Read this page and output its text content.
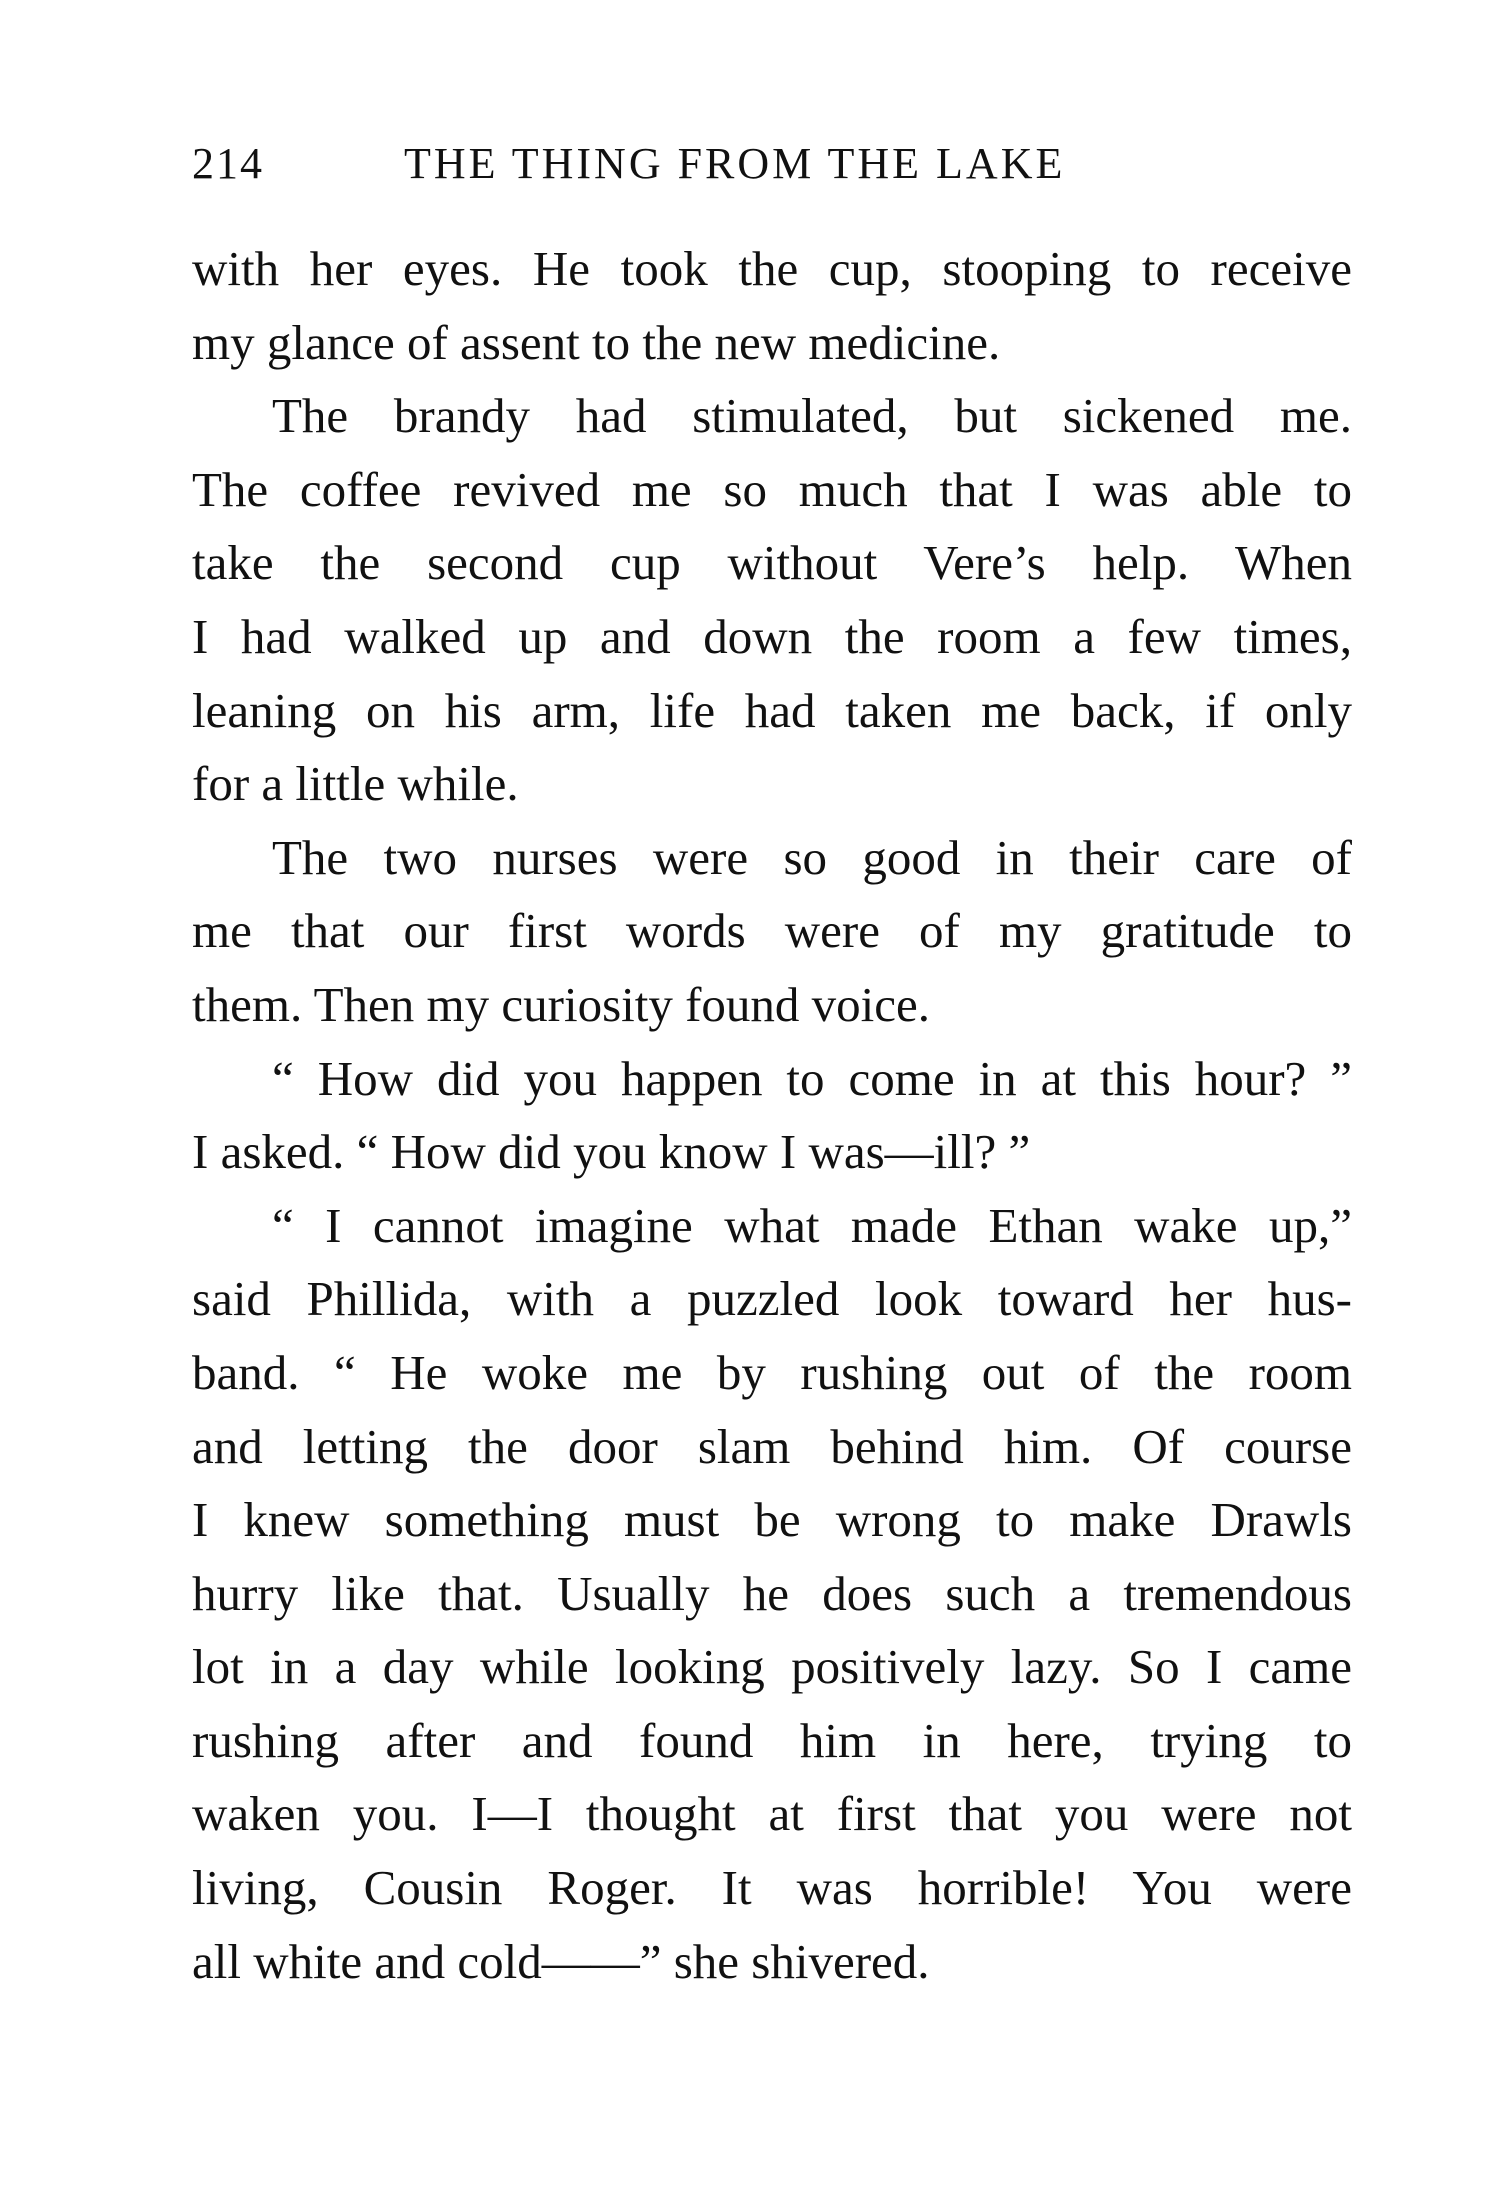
214	THE THING FROM THE LAKE
with her eyes. He took the cup, stooping to receive
my glance of assent to the new medicine.
The brandy had stimulated, but sickened me.
The coffee revived me so much that I was able to
take the second cup without Vere’s help. When
I had walked up and down the room a few times,
leaning on his arm, life had taken me back, if only
for a little while.
The two nurses were so good in their care of
me that our first words were of my gratitude to
them. Then my curiosity found voice.
“ How did you happen to come in at this hour? ”
I asked. “ How did you know I was—ill? ”
“ I cannot imagine what made Ethan wake up,”
said Phillida, with a puzzled look toward her hus-
band. “ He woke me by rushing out of the room
and letting the door slam behind him. Of course
I knew something must be wrong to make Drawls
hurry like that. Usually he does such a tremendous
lot in a day while looking positively lazy. So I came
rushing after and found him in here, trying to
waken you. I—I thought at first that you were not
living, Cousin Roger. It was horrible! You were
all white and cold——” she shivered.
